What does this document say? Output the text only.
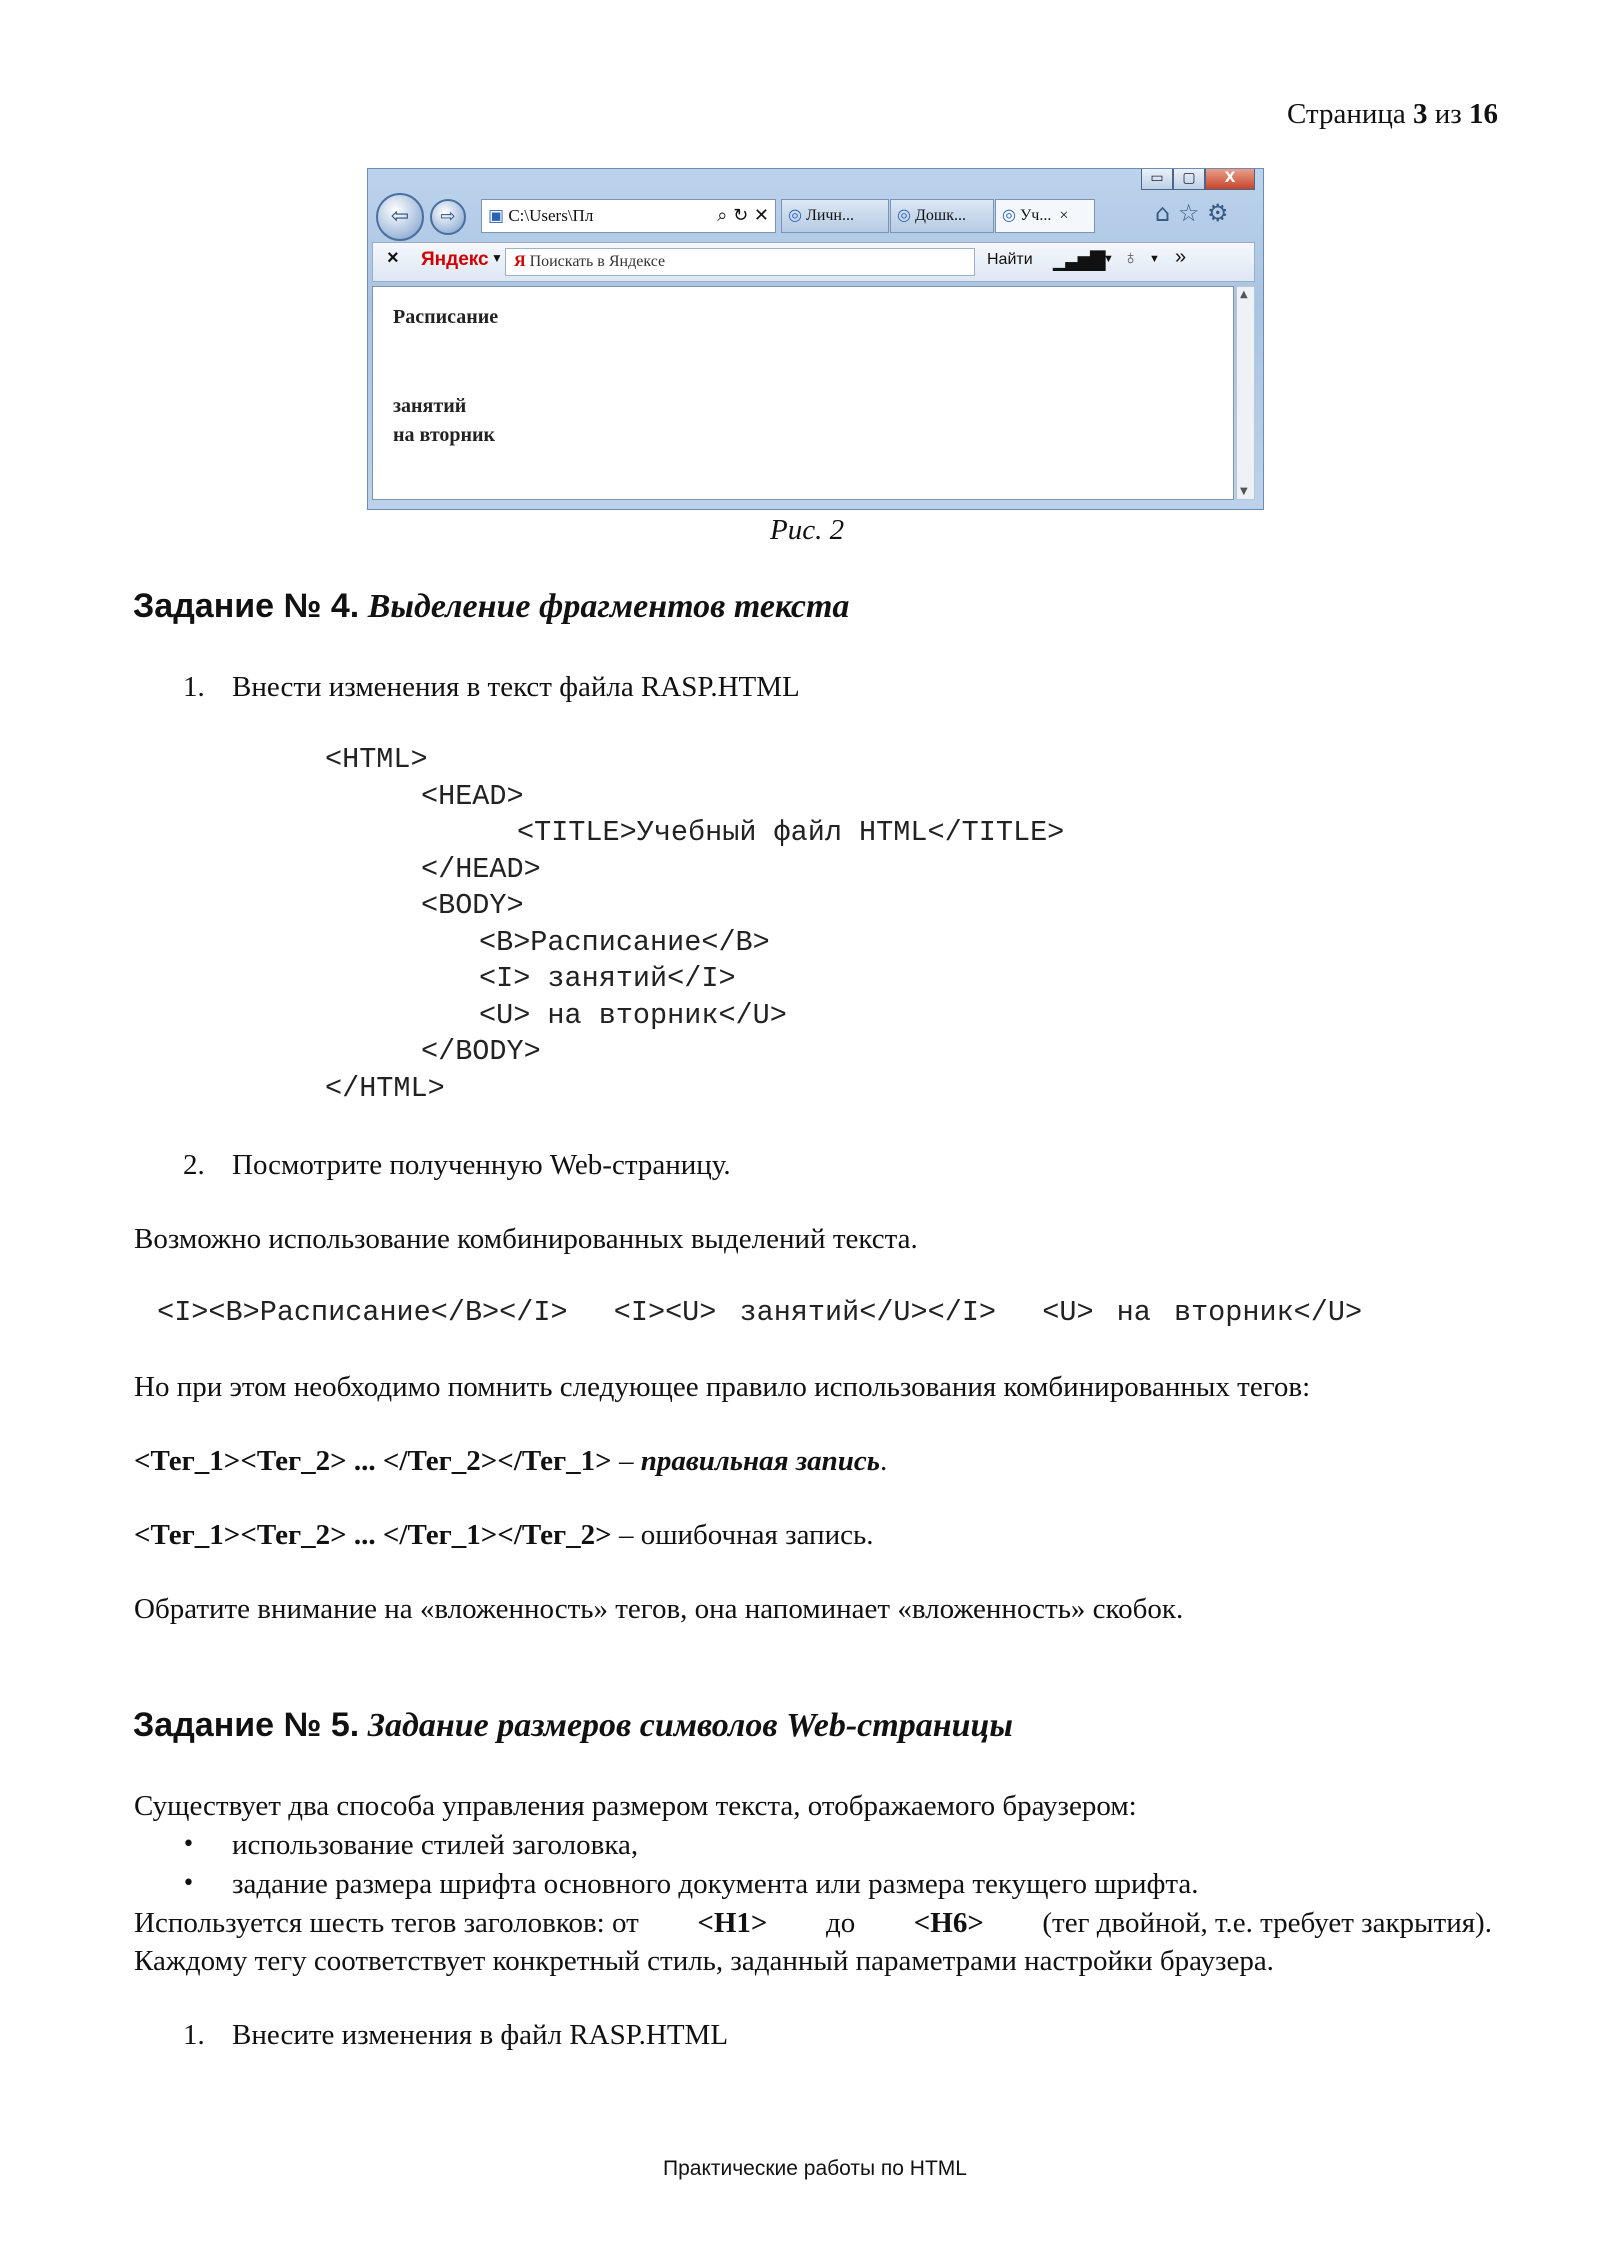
Страница 3 из 16
▭	▢	X
⇦	⇨	▣ C:\Users\Пл	⌕ ↻ ✕	◎ Личн...	◎ Дошк...	◎ Уч... ×	⌂ ☆ ⚙
× Яндекс ▼ Я Поискать в Яндексе	Найти ▁▃▅▇ ▼ ♁ ▼ »
Расписание
занятий
на вторник
▲
▼
Рис. 2
Задание № 4. Выделение фрагментов текста
1. Внести изменения в текст файла RASP.HTML

<HTML>

<HEAD>

<TITLE>Учебный файл HTML</TITLE>

</HEAD>

<BODY>

<B>Расписание</B>

<I> занятий</I>

<U> на вторник</U>

</BODY>

</HTML>

2. Посмотрите полученную Web-страницу.
Возможно использование комбинированных выделений текста.
<I><B>Расписание</B></I>  <I><U> занятий</U></I>  <U> на вторник</U>
Но при этом необходимо помнить следующее правило использования комбинированных тегов:
<Тег_1><Тег_2> ... </Тег_2></Тег_1> – правильная запись.
<Тег_1><Тег_2> ... </Тег_1></Тег_2> – ошибочная запись.
Обратите внимание на «вложенность» тегов, она напоминает «вложенность» скобок.
Задание № 5. Задание размеров символов Web-страницы
Существует два способа управления размером текста, отображаемого браузером:
• использование стилей заголовка,
• задание размера шрифта основного документа или размера текущего шрифта.
Используется шесть тегов заголовков: от <H1> до <H6> (тег двойной, т.е. требует закрытия).
Каждому тегу соответствует конкретный стиль, заданный параметрами настройки браузера.
1. Внесите изменения в файл RASP.HTML
Практические работы по HTML
